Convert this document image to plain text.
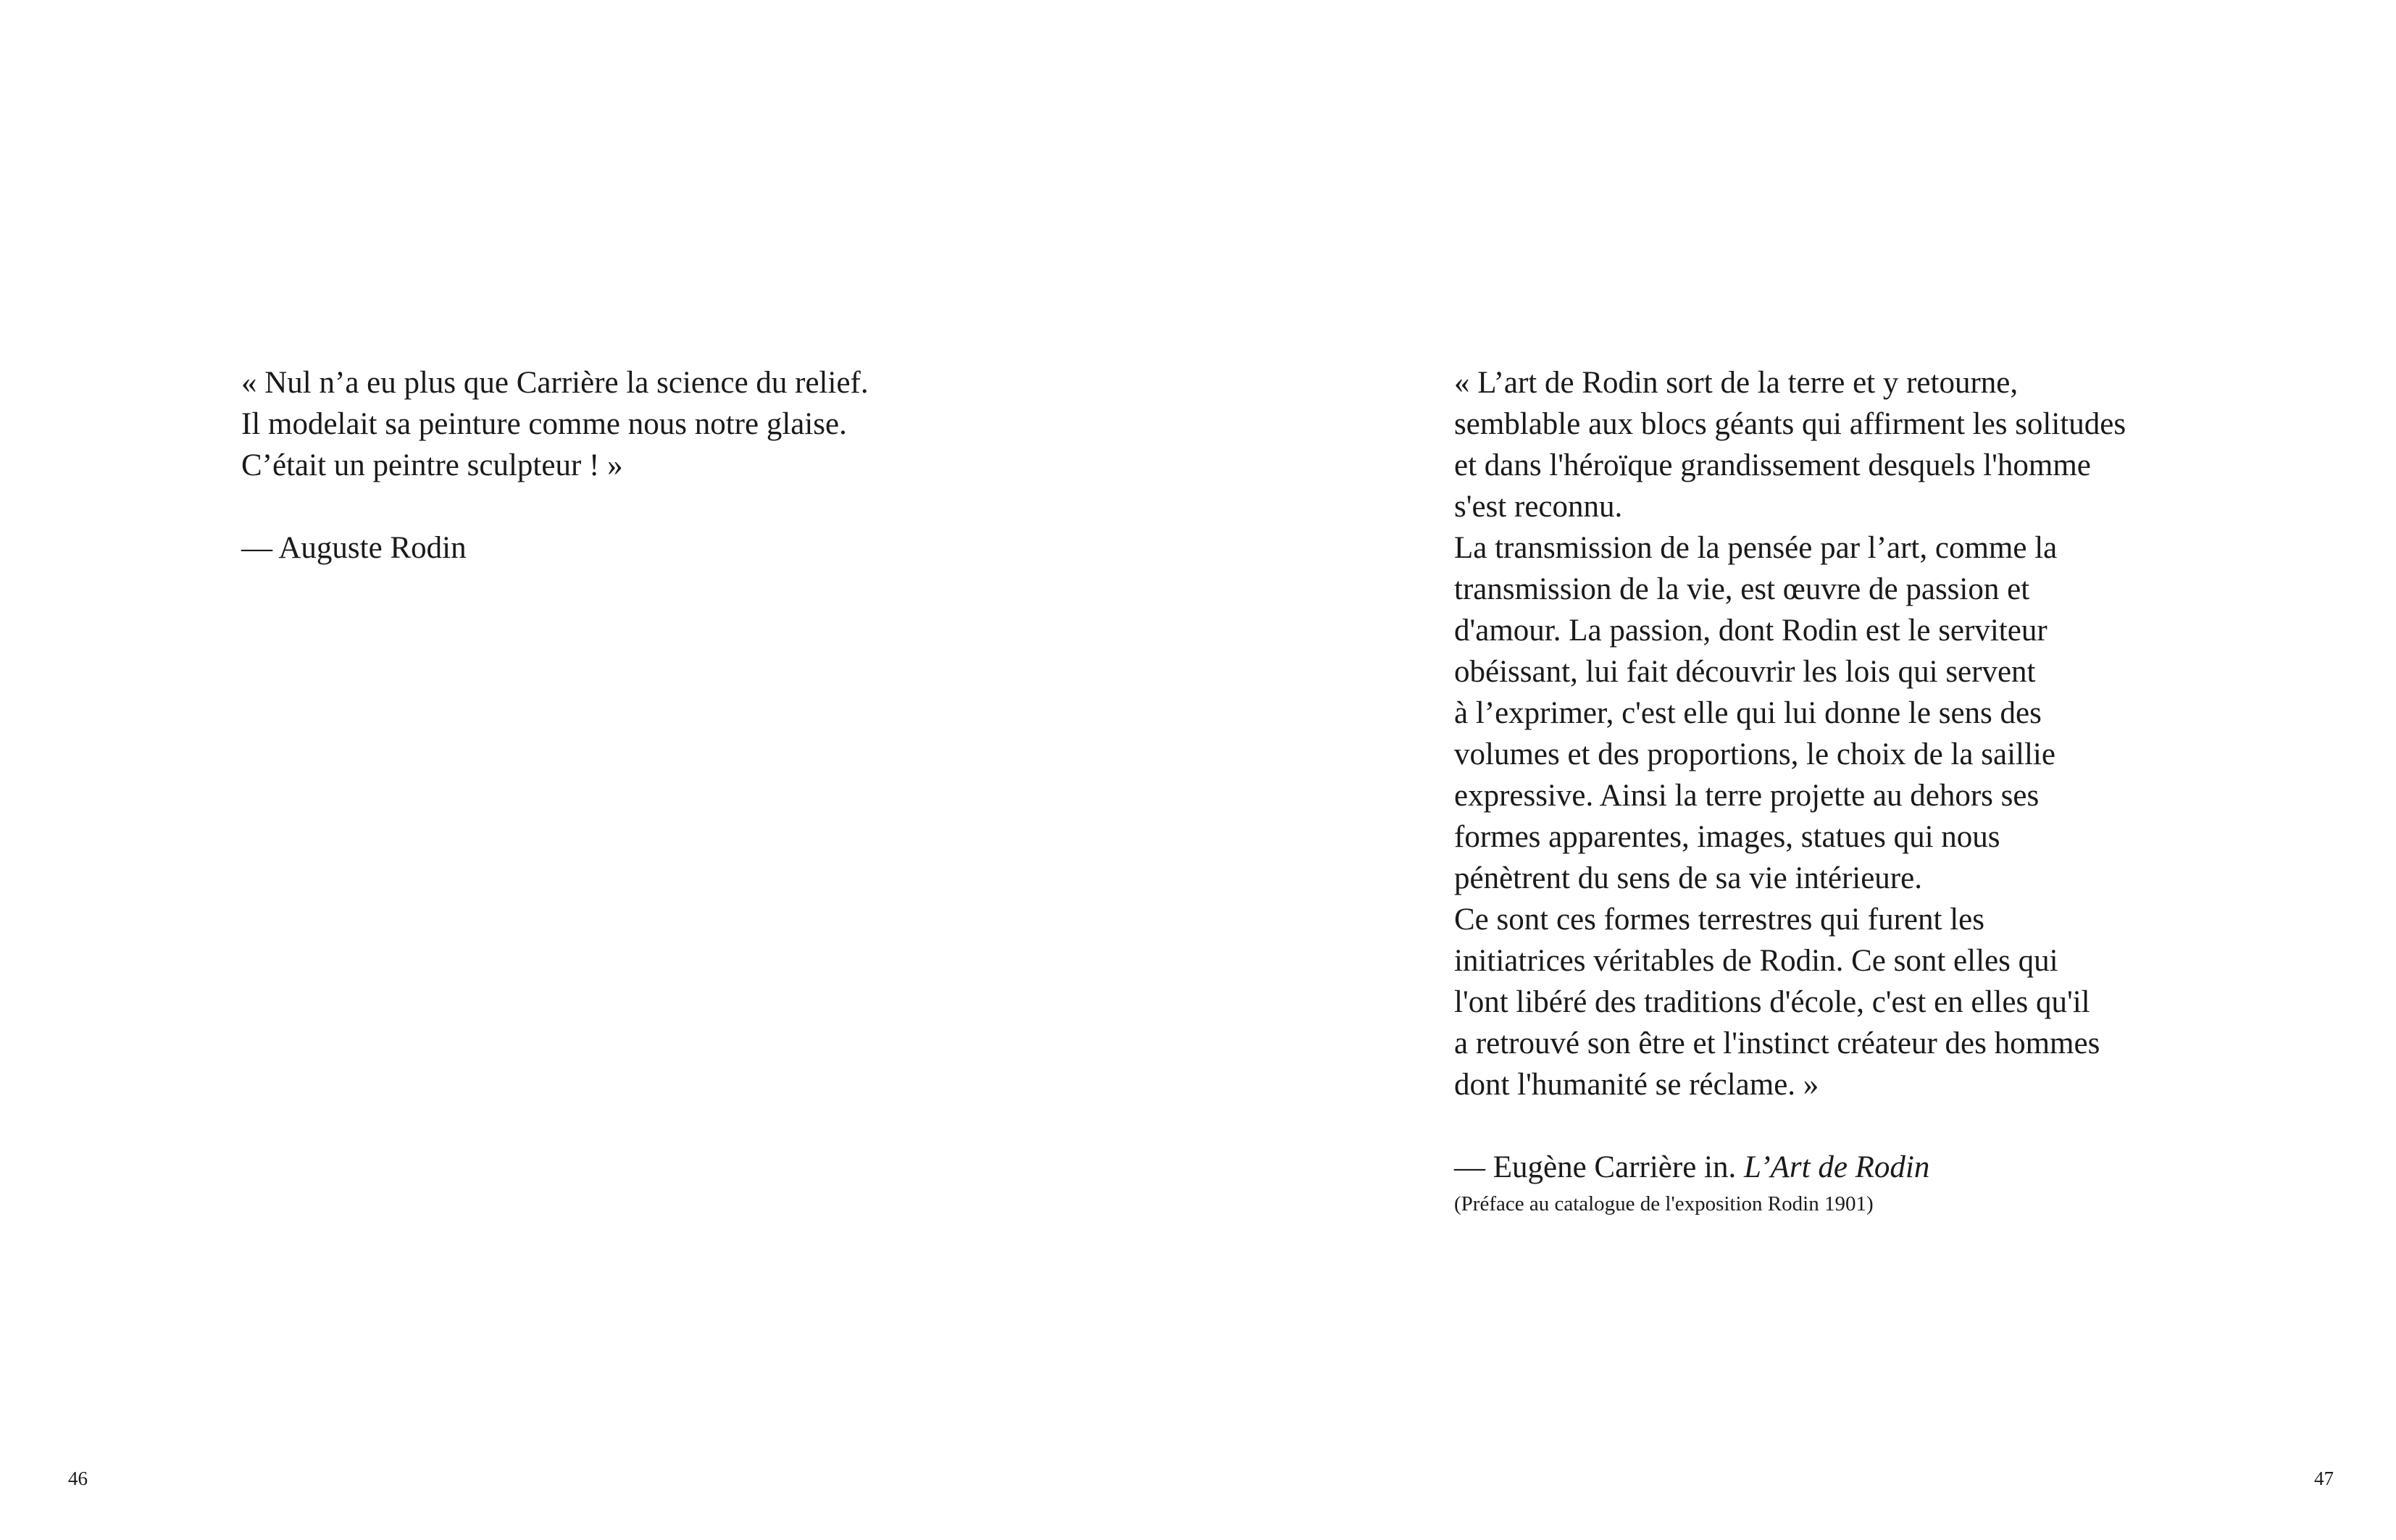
« Nul n’a eu plus que Carrière la science du relief.
Il modelait sa peinture comme nous notre glaise.
C’était un peintre sculpteur ! »
— Auguste Rodin
46
« L’art de Rodin sort de la terre et y retourne,
semblable aux blocs géants qui affirment les solitudes
et dans l'héroïque grandissement desquels l'homme
s'est reconnu.
La transmission de la pensée par l’art, comme la
transmission de la vie, est œuvre de passion et
d'amour. La passion, dont Rodin est le serviteur
obéissant, lui fait découvrir les lois qui servent
à l’exprimer, c'est elle qui lui donne le sens des
volumes et des proportions, le choix de la saillie
expressive. Ainsi la terre projette au dehors ses
formes apparentes, images, statues qui nous
pénètrent du sens de sa vie intérieure.
Ce sont ces formes terrestres qui furent les
initiatrices véritables de Rodin. Ce sont elles qui
l'ont libéré des traditions d'école, c'est en elles qu'il
a retrouvé son être et l'instinct créateur des hommes
dont l'humanité se réclame. »
— Eugène Carrière in. L’Art de Rodin
(Préface au catalogue de l'exposition Rodin 1901)
47
